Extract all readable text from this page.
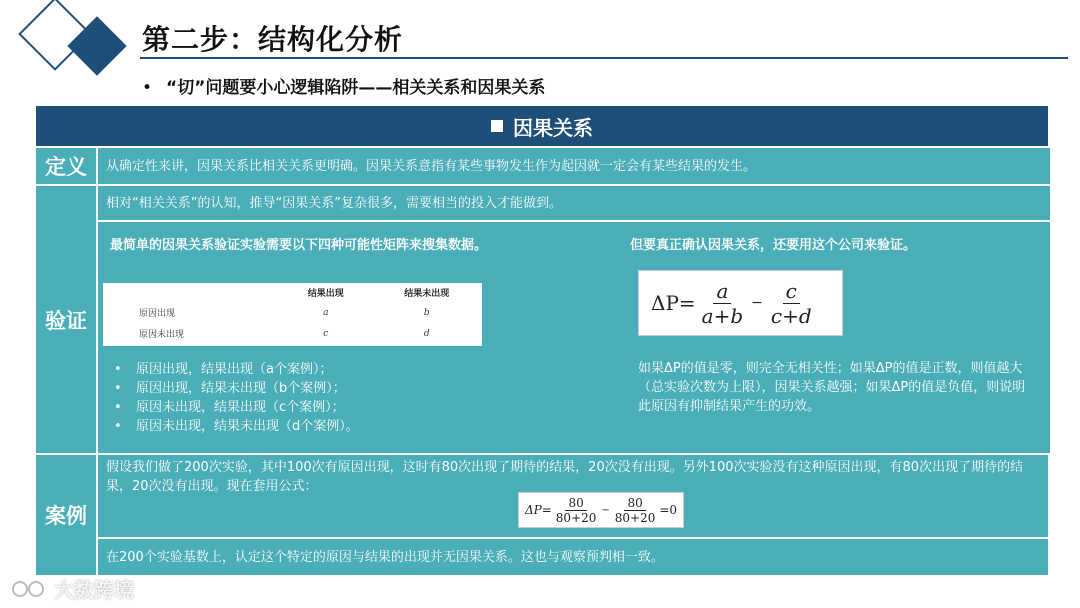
第二步：结构化分析
• “切”问题要小心逻辑陷阱——相关关系和因果关系
因果关系
定义 从确定性来讲，因果关系比相关关系更明确。因果关系意指有某些事物发生作为起因就一定会有某些结果的发生。
验证
相对“相关关系”的认知，推导“因果关系”复杂很多，需要相当的投入才能做到。
最简单的因果关系验证实验需要以下四种可能性矩阵来搜集数据。
	结果出现	结果未出现
原因出现	a	b
原因未出现	c	d
• 原因出现，结果出现（a个案例）；
• 原因出现，结果未出现（b个案例）；
• 原因未出现，结果出现（c个案例）；
• 原因未出现，结果未出现（d个案例）。
但要真正确认因果关系，还要用这个公司来验证。
$\Delta P= \frac{a}{a+b} - \frac{c}{c+d}$
如果ΔP的值是零，则完全无相关性；如果ΔP的值是正数，则值越大（总实验次数为上限），因果关系越强；如果ΔP的值是负值，则说明此原因有抑制结果产生的功效。
案例
假设我们做了200次实验，其中100次有原因出现，这时有80次出现了期待的结果，20次没有出现。另外100次实验没有这种原因出现，有80次出现了期待的结果，20次没有出现。现在套用公式：
$\Delta P= \frac{80}{80+20} - \frac{80}{80+20} =0$
在200个实验基数上，认定这个特定的原因与结果的出现并无因果关系。这也与观察预判相一致。
大数跨境
